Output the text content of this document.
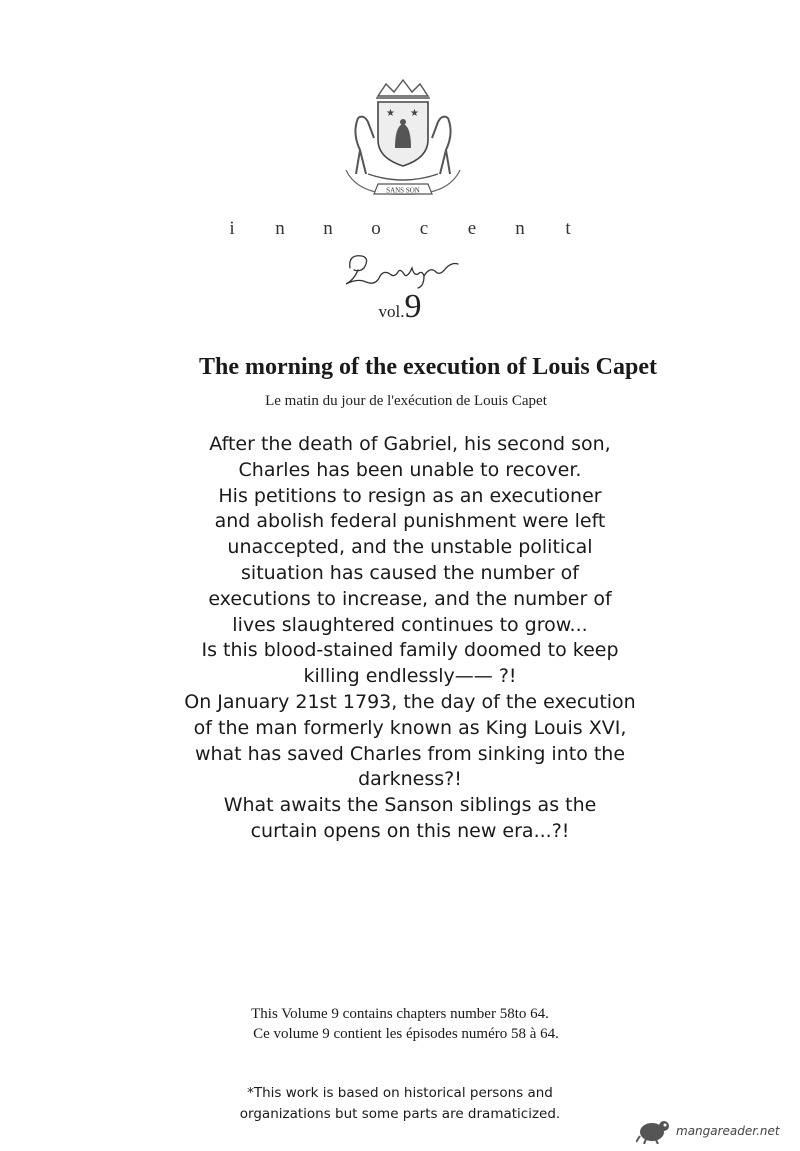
★ ★
SANS SON
i	n	n	o	c	e	n	t
vol.9
The morning of the execution of Louis Capet
Le matin du jour de l'exécution de Louis Capet
After the death of Gabriel, his second son,
Charles has been unable to recover.
His petitions to resign as an executioner
and abolish federal punishment were left
unaccepted, and the unstable political
situation has caused the number of
executions to increase, and the number of
lives slaughtered continues to grow...
Is this blood-stained family doomed to keep
killing endlessly—— ?!
On January 21st 1793, the day of the execution
of the man formerly known as King Louis XVI,
what has saved Charles from sinking into the
darkness?!
What awaits the Sanson siblings as the
curtain opens on this new era...?!
This Volume 9 contains chapters number 58to 64.
Ce volume 9 contient les épisodes numéro 58 à 64.
*This work is based on historical persons and
organizations but some parts are dramaticized.
mangareader.net
